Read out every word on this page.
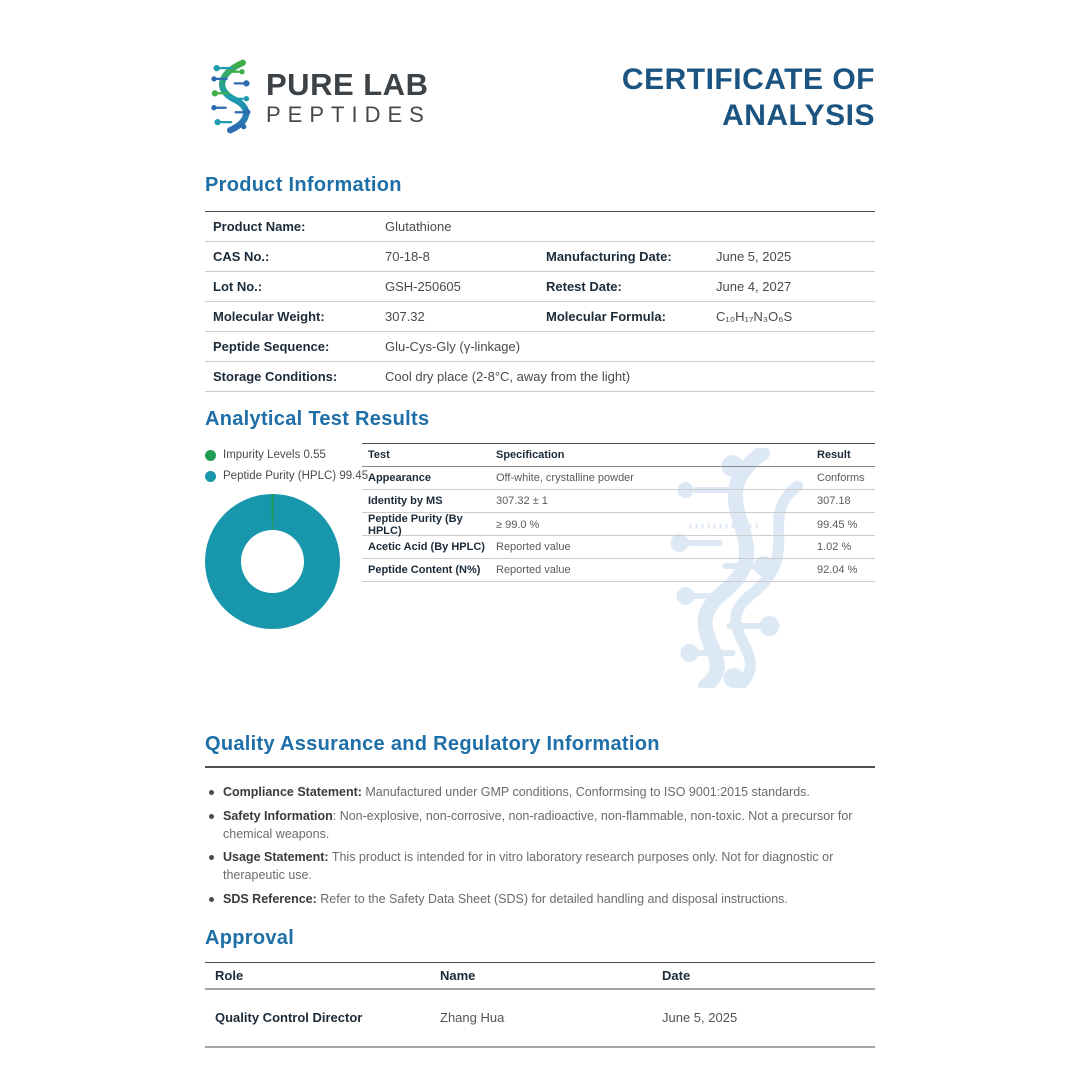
PURE LAB
PEPTIDES
CERTIFICATE OF
ANALYSIS
Product Information
Product Name:	Glutathione
CAS No.:	70-18-8	Manufacturing Date:	June 5, 2025
Lot No.:	GSH-250605	Retest Date:	June 4, 2027
Molecular Weight:	307.32	Molecular Formula:	C₁₀H₁₇N₃O₆S
Peptide Sequence:	Glu-Cys-Gly (γ-linkage)
Storage Conditions:	Cool dry place (2-8°C, away from the light)
Analytical Test Results
Impurity Levels 0.55
Peptide Purity (HPLC) 99.45
Test	Specification	Result
Appearance	Off-white, crystalline powder	Conforms
Identity by MS	307.32 ± 1	307.18
Peptide Purity (By HPLC)	≥ 99.0 %	99.45 %
Acetic Acid (By HPLC)	Reported value	1.02 %
Peptide Content (N%)	Reported value	92.04 %
Quality Assurance and Regulatory Information
Compliance Statement: Manufactured under GMP conditions, Conformsing to ISO 9001:2015 standards.
Safety Information: Non-explosive, non-corrosive, non-radioactive, non-flammable, non-toxic. Not a precursor for chemical weapons.
Usage Statement: This product is intended for in vitro laboratory research purposes only. Not for diagnostic or therapeutic use.
SDS Reference: Refer to the Safety Data Sheet (SDS) for detailed handling and disposal instructions.
Approval
Role	Name	Date
Quality Control Director	Zhang Hua	June 5, 2025
